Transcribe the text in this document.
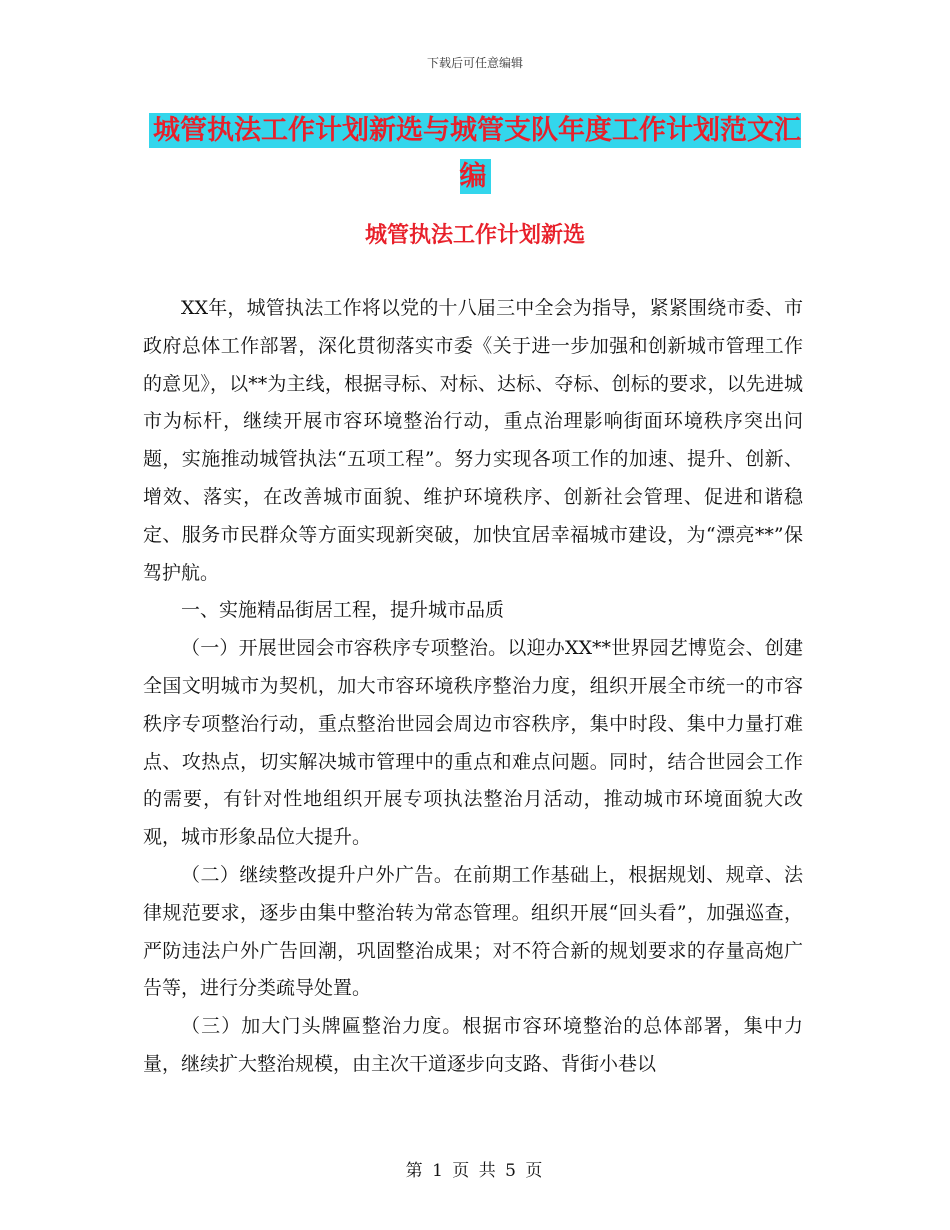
下载后可任意编辑
城管执法工作计划新选与城管支队年度工作计划范文汇编
城管执法工作计划新选

XX年，城管执法工作将以党的十八届三中全会为指导，紧紧围绕市委、市政府总体工作部署，深化贯彻落实市委《关于进一步加强和创新城市管理工作的意见》，以**为主线，根据寻标、对标、达标、夺标、创标的要求，以先进城市为标杆，继续开展市容环境整治行动，重点治理影响街面环境秩序突出问题，实施推动城管执法“五项工程”。努力实现各项工作的加速、提升、创新、增效、落实，在改善城市面貌、维护环境秩序、创新社会管理、促进和谐稳定、服务市民群众等方面实现新突破，加快宜居幸福城市建设，为“漂亮**”保驾护航。

一、实施精品街居工程，提升城市品质

（一）开展世园会市容秩序专项整治。以迎办XX**世界园艺博览会、创建全国文明城市为契机，加大市容环境秩序整治力度，组织开展全市统一的市容秩序专项整治行动，重点整治世园会周边市容秩序，集中时段、集中力量打难点、攻热点，切实解决城市管理中的重点和难点问题。同时，结合世园会工作的需要，有针对性地组织开展专项执法整治月活动，推动城市环境面貌大改观，城市形象品位大提升。

（二）继续整改提升户外广告。在前期工作基础上，根据规划、规章、法律规范要求，逐步由集中整治转为常态管理。组织开展“回头看”，加强巡查，严防违法户外广告回潮，巩固整治成果；对不符合新的规划要求的存量高炮广告等，进行分类疏导处置。

（三）加大门头牌匾整治力度。根据市容环境整治的总体部署，集中力量，继续扩大整治规模，由主次干道逐步向支路、背街小巷以

第 1 页 共 5 页
